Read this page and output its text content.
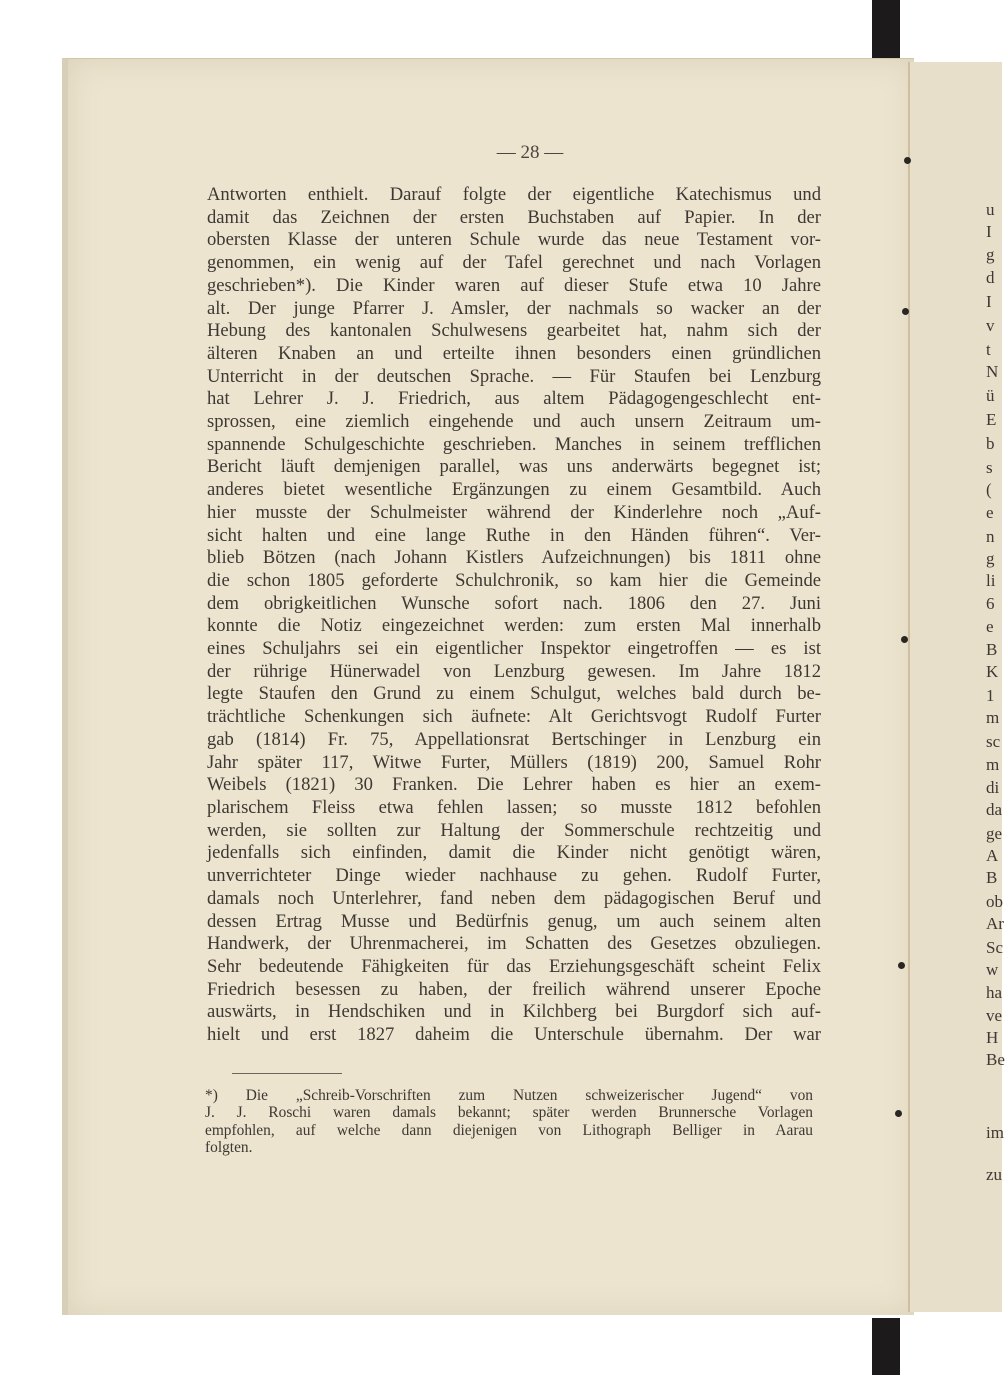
— 28 —
Antworten enthielt. Darauf folgte der eigentliche Katechismus und
damit das Zeichnen der ersten Buchstaben auf Papier. In der
obersten Klasse der unteren Schule wurde das neue Testament vor-
genommen, ein wenig auf der Tafel gerechnet und nach Vorlagen
geschrieben*). Die Kinder waren auf dieser Stufe etwa 10 Jahre
alt. Der junge Pfarrer J. Amsler, der nachmals so wacker an der
Hebung des kantonalen Schulwesens gearbeitet hat, nahm sich der
älteren Knaben an und erteilte ihnen besonders einen gründlichen
Unterricht in der deutschen Sprache. — Für Staufen bei Lenzburg
hat Lehrer J. J. Friedrich, aus altem Pädagogengeschlecht ent-
sprossen, eine ziemlich eingehende und auch unsern Zeitraum um-
spannende Schulgeschichte geschrieben. Manches in seinem trefflichen
Bericht läuft demjenigen parallel, was uns anderwärts begegnet ist;
anderes bietet wesentliche Ergänzungen zu einem Gesamtbild. Auch
hier musste der Schulmeister während der Kinderlehre noch „Auf-
sicht halten und eine lange Ruthe in den Händen führen“. Ver-
blieb Bötzen (nach Johann Kistlers Aufzeichnungen) bis 1811 ohne
die schon 1805 geforderte Schulchronik, so kam hier die Gemeinde
dem obrigkeitlichen Wunsche sofort nach. 1806 den 27. Juni
konnte die Notiz eingezeichnet werden: zum ersten Mal innerhalb
eines Schuljahrs sei ein eigentlicher Inspektor eingetroffen — es ist
der rührige Hünerwadel von Lenzburg gewesen. Im Jahre 1812
legte Staufen den Grund zu einem Schulgut, welches bald durch be-
trächtliche Schenkungen sich äufnete: Alt Gerichtsvogt Rudolf Furter
gab (1814) Fr. 75, Appellationsrat Bertschinger in Lenzburg ein
Jahr später 117, Witwe Furter, Müllers (1819) 200, Samuel Rohr
Weibels (1821) 30 Franken. Die Lehrer haben es hier an exem-
plarischem Fleiss etwa fehlen lassen; so musste 1812 befohlen
werden, sie sollten zur Haltung der Sommerschule rechtzeitig und
jedenfalls sich einfinden, damit die Kinder nicht genötigt wären,
unverrichteter Dinge wieder nachhause zu gehen. Rudolf Furter,
damals noch Unterlehrer, fand neben dem pädagogischen Beruf und
dessen Ertrag Musse und Bedürfnis genug, um auch seinem alten
Handwerk, der Uhrenmacherei, im Schatten des Gesetzes obzuliegen.
Sehr bedeutende Fähigkeiten für das Erziehungsgeschäft scheint Felix
Friedrich besessen zu haben, der freilich während unserer Epoche
auswärts, in Hendschiken und in Kilchberg bei Burgdorf sich auf-
hielt und erst 1827 daheim die Unterschule übernahm. Der war
*) Die „Schreib-Vorschriften zum Nutzen schweizerischer Jugend“ von
J. J. Roschi waren damals bekannt; später werden Brunnersche Vorlagen
empfohlen, auf welche dann diejenigen von Lithograph Belliger in Aarau
folgten.
u
I
g
d
I
v
t
N
ü
E
b
s
(
e
n
g
li
6
e
B
K
1
m
sc
m
di
da
ge
A
B
ob
Ar
Sc
w
ha
ve
H
Be
im
zu
